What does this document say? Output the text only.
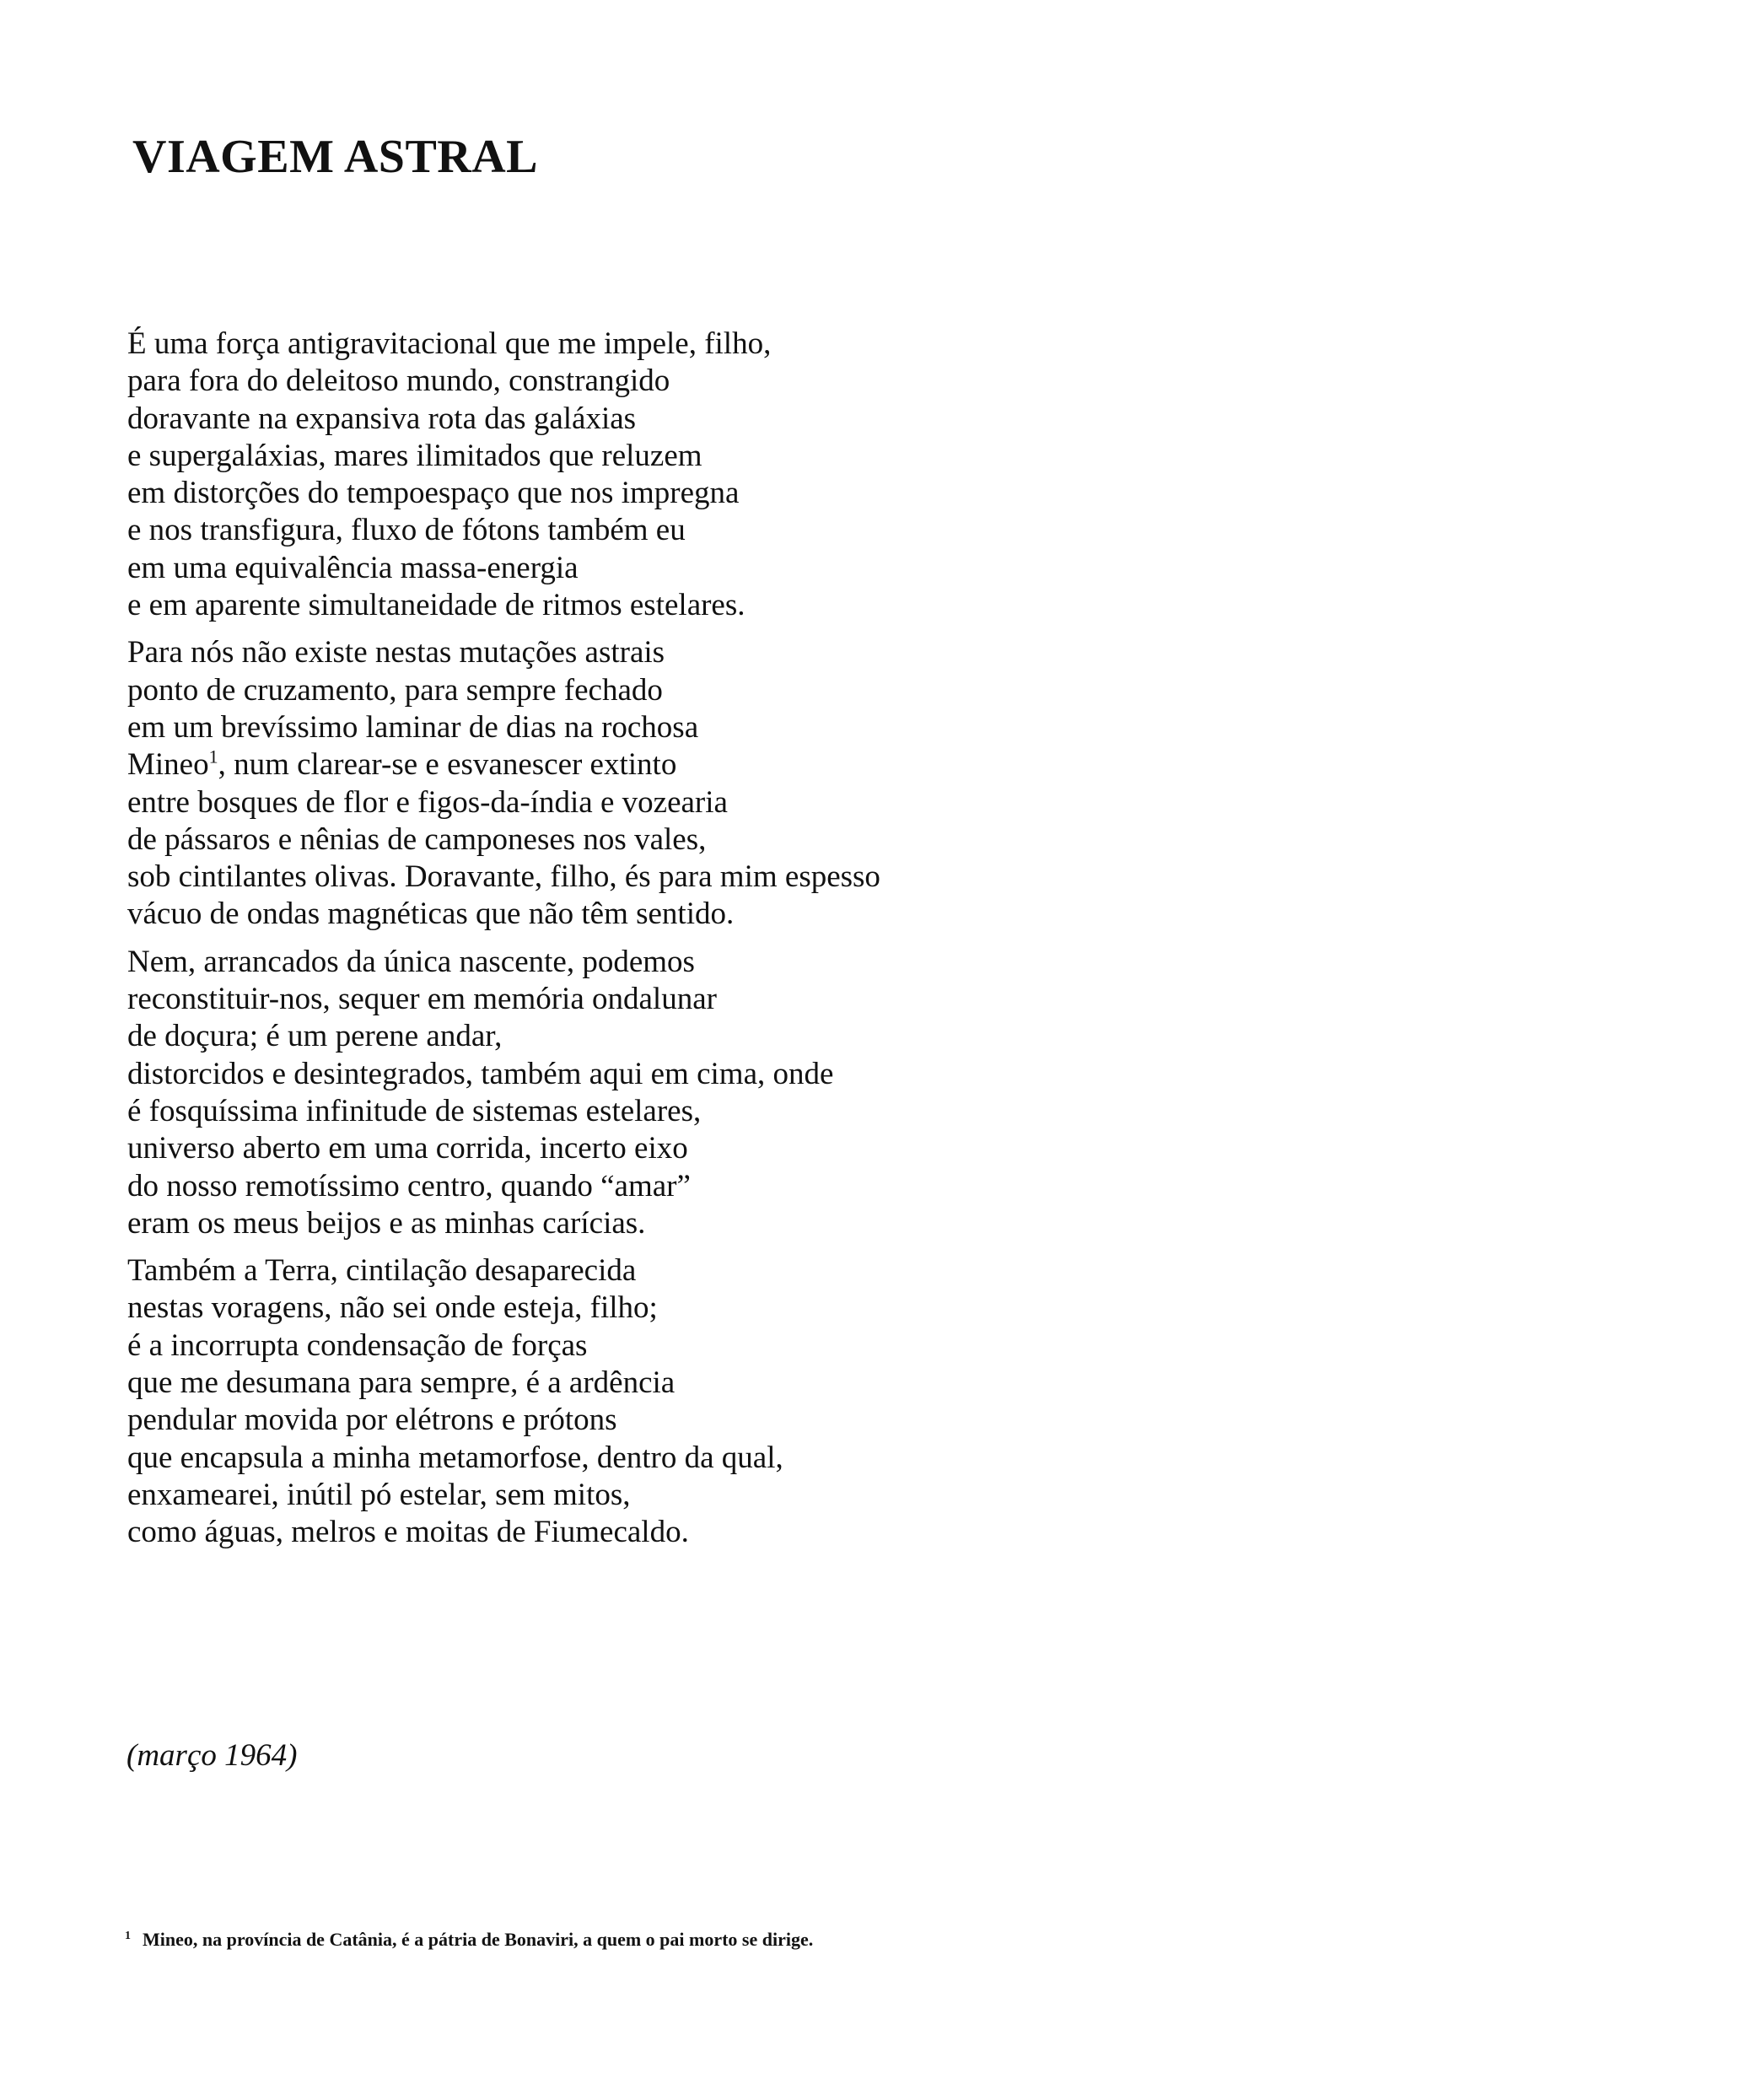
VIAGEM ASTRAL
É uma força antigravitacional que me impele, filho,
para fora do deleitoso mundo, constrangido
doravante na expansiva rota das galáxias
e supergaláxias, mares ilimitados que reluzem
em distorções do tempoespaço que nos impregna
e nos transfigura, fluxo de fótons também eu
em uma equivalência massa-energia
e em aparente simultaneidade de ritmos estelares.
Para nós não existe nestas mutações astrais
ponto de cruzamento, para sempre fechado
em um brevíssimo laminar de dias na rochosa
Mineo$^1$, num clarear-se e esvanescer extinto
entre bosques de flor e figos-da-índia e vozearia
de pássaros e nênias de camponeses nos vales,
sob cintilantes olivas. Doravante, filho, és para mim espesso
vácuo de ondas magnéticas que não têm sentido.
Nem, arrancados da única nascente, podemos
reconstituir-nos, sequer em memória ondalunar
de doçura; é um perene andar,
distorcidos e desintegrados, também aqui em cima, onde
é fosquíssima infinitude de sistemas estelares,
universo aberto em uma corrida, incerto eixo
do nosso remotíssimo centro, quando “amar”
eram os meus beijos e as minhas carícias.
Também a Terra, cintilação desaparecida
nestas voragens, não sei onde esteja, filho;
é a incorrupta condensação de forças
que me desumana para sempre, é a ardência
pendular movida por elétrons e prótons
que encapsula a minha metamorfose, dentro da qual,
enxamearei, inútil pó estelar, sem mitos,
como águas, melros e moitas de Fiumecaldo.
(março 1964)
$^1$ Mineo, na província de Catânia, é a pátria de Bonaviri, a quem o pai morto se dirige.
